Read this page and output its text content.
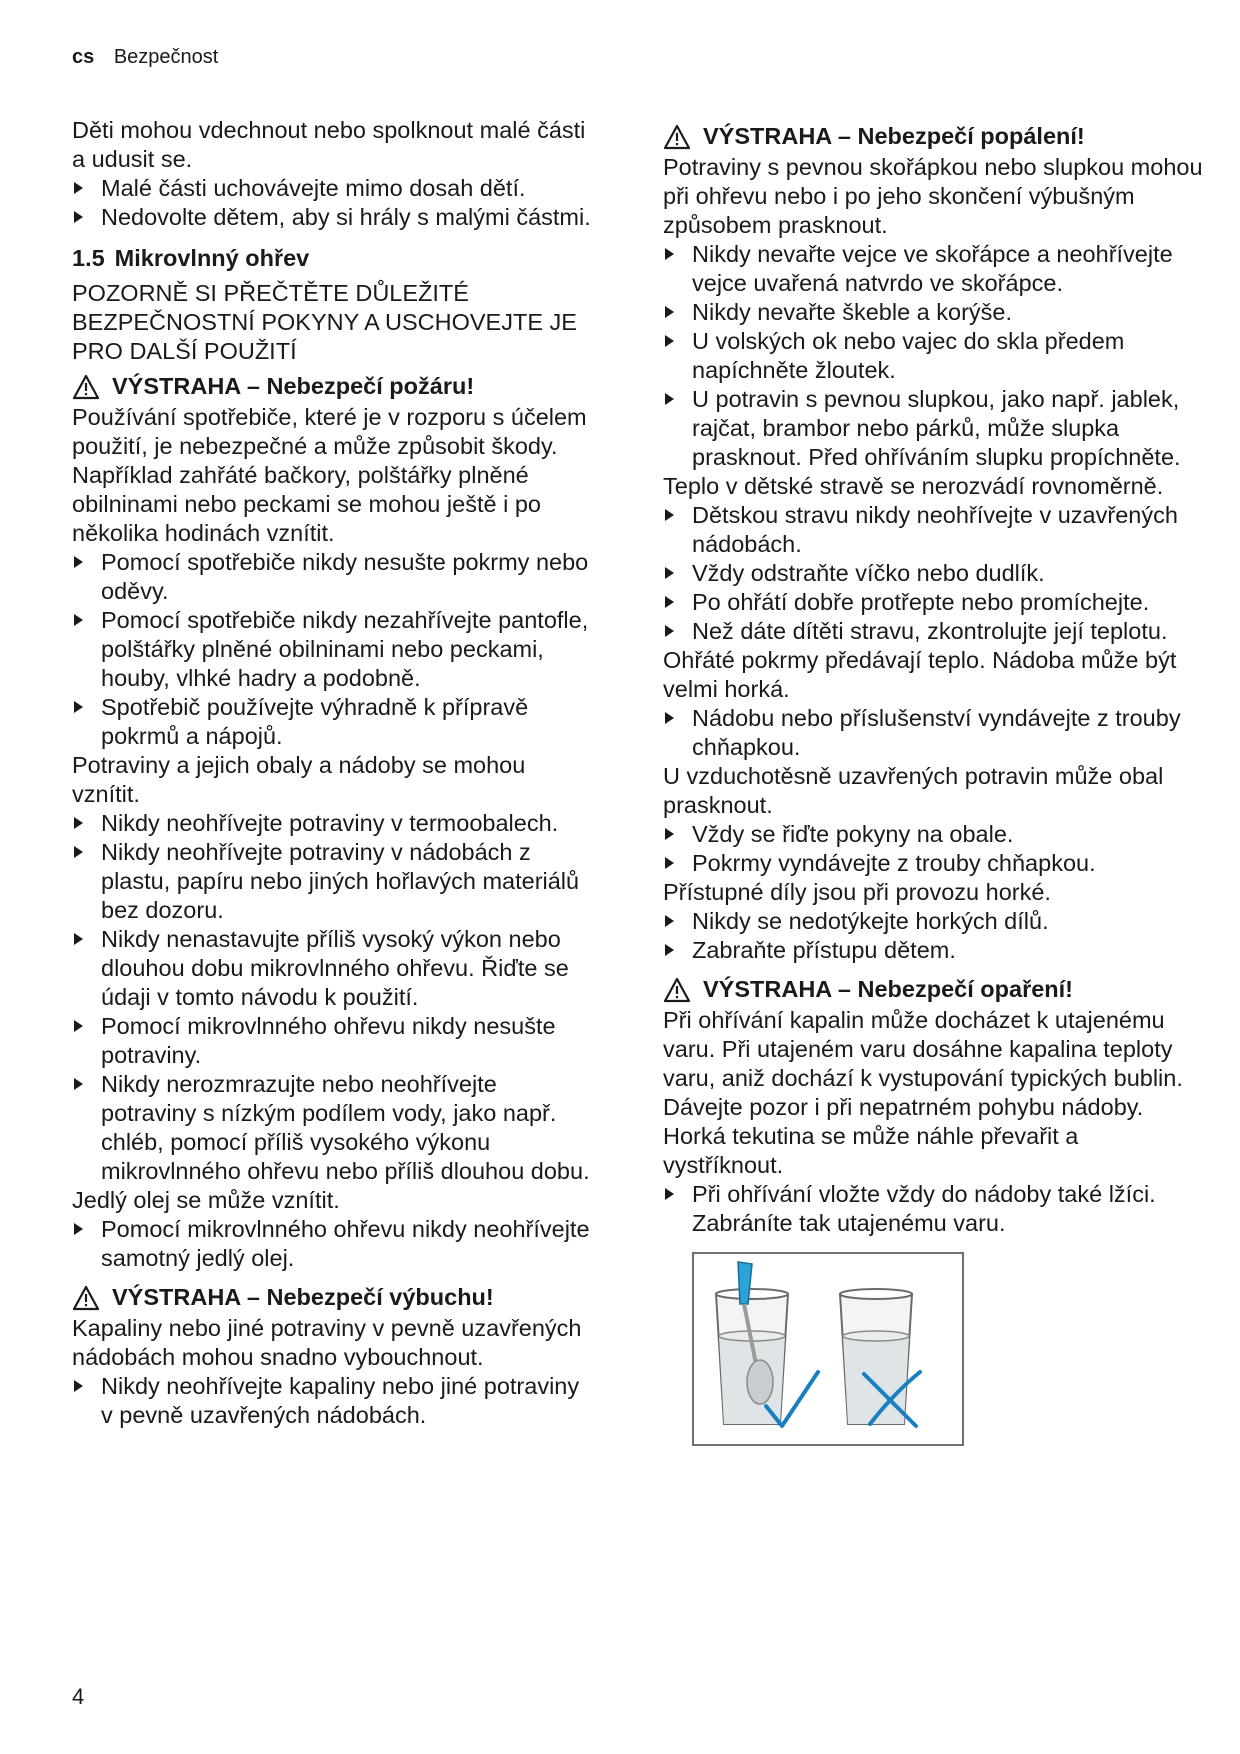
cs Bezpečnost

Děti mohou vdechnout nebo spolknout malé části a udusit se.

Malé části uchovávejte mimo dosah dětí.
Nedovolte dětem, aby si hrály s malými částmi.
1.5 Mikrovlnný ohřev

POZORNĚ SI PŘEČTĚTE DŮLEŽITÉ BEZPEČNOSTNÍ POKYNY A USCHOVEJTE JE PRO DALŠÍ POUŽITÍ

VÝSTRAHA – Nebezpečí požáru!

Používání spotřebiče, které je v rozporu s účelem použití, je nebezpečné a může způsobit škody. Například zahřáté bačkory, polštářky plněné obilninami nebo peckami se mohou ještě i po několika hodinách vznítit.

Pomocí spotřebiče nikdy nesušte pokrmy nebo oděvy.
Pomocí spotřebiče nikdy nezahřívejte pantofle, polštářky plněné obilninami nebo peckami, houby, vlhké hadry a podobně.
Spotřebič používejte výhradně k přípravě pokrmů a nápojů.

Potraviny a jejich obaly a nádoby se mohou vznítit.

Nikdy neohřívejte potraviny v termoobalech.
Nikdy neohřívejte potraviny v nádobách z plastu, papíru nebo jiných hořlavých materiálů bez dozoru.
Nikdy nenastavujte příliš vysoký výkon nebo dlouhou dobu mikrovlnného ohřevu. Řiďte se údaji v tomto návodu k použití.
Pomocí mikrovlnného ohřevu nikdy nesušte potraviny.
Nikdy nerozmrazujte nebo neohřívejte potraviny s nízkým podílem vody, jako např. chléb, pomocí příliš vysokého výkonu mikrovlnného ohřevu nebo příliš dlouhou dobu.

Jedlý olej se může vznítit.

Pomocí mikrovlnného ohřevu nikdy neohřívejte samotný jedlý olej.
VÝSTRAHA – Nebezpečí výbuchu!

Kapaliny nebo jiné potraviny v pevně uzavřených nádobách mohou snadno vybouchnout.

Nikdy neohřívejte kapaliny nebo jiné potraviny v pevně uzavřených nádobách.
VÝSTRAHA – Nebezpečí popálení!

Potraviny s pevnou skořápkou nebo slupkou mohou při ohřevu nebo i po jeho skončení výbušným způsobem prasknout.

Nikdy nevařte vejce ve skořápce a neohřívejte vejce uvařená natvrdo ve skořápce.
Nikdy nevařte škeble a korýše.
U volských ok nebo vajec do skla předem napíchněte žloutek.
U potravin s pevnou slupkou, jako např. jablek, rajčat, brambor nebo párků, může slupka prasknout. Před ohříváním slupku propíchněte.

Teplo v dětské stravě se nerozvádí rovnoměrně.

Dětskou stravu nikdy neohřívejte v uzavřených nádobách.
Vždy odstraňte víčko nebo dudlík.
Po ohřátí dobře protřepte nebo promíchejte.
Než dáte dítěti stravu, zkontrolujte její teplotu.

Ohřáté pokrmy předávají teplo. Nádoba může být velmi horká.

Nádobu nebo příslušenství vyndávejte z trouby chňapkou.

U vzduchotěsně uzavřených potravin může obal prasknout.

Vždy se řiďte pokyny na obale.
Pokrmy vyndávejte z trouby chňapkou.

Přístupné díly jsou při provozu horké.

Nikdy se nedotýkejte horkých dílů.
Zabraňte přístupu dětem.
VÝSTRAHA – Nebezpečí opaření!

Při ohřívání kapalin může docházet k utajenému varu. Při utajeném varu dosáhne kapalina teploty varu, aniž dochází k vystupování typických bublin. Dávejte pozor i při nepatrném pohybu nádoby. Horká tekutina se může náhle převařit a vystříknout.

Při ohřívání vložte vždy do nádoby také lžíci. Zabráníte tak utajenému varu.
4
